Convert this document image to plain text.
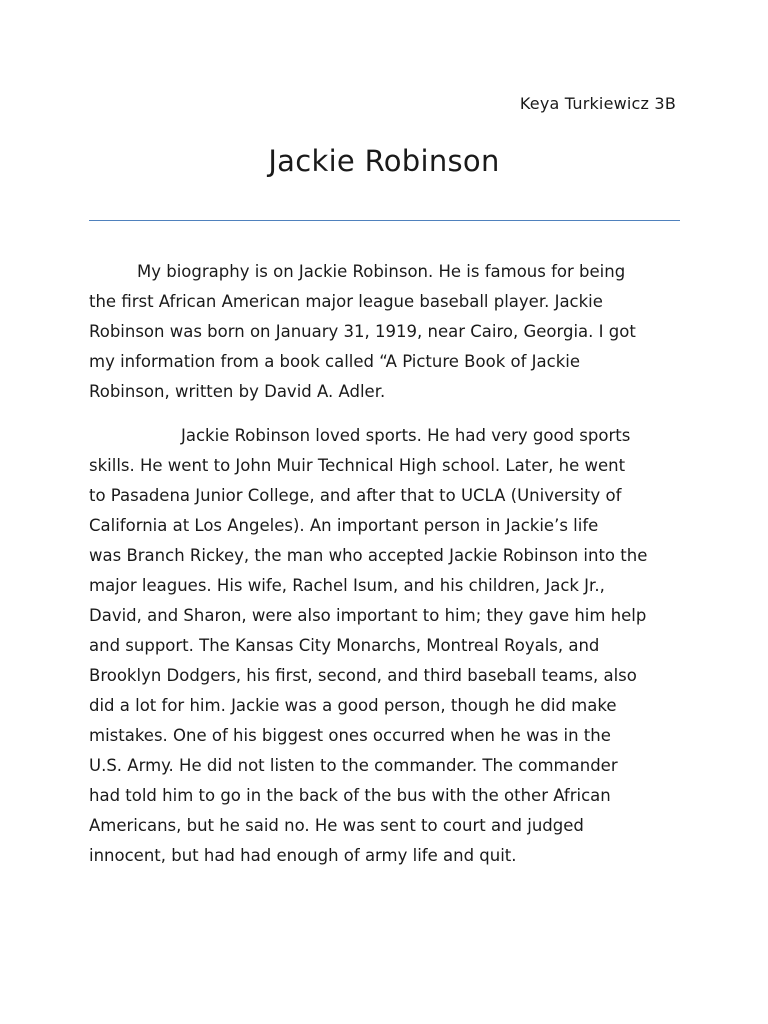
Keya Turkiewicz 3B
Jackie Robinson

My biography is on Jackie Robinson. He is famous for being
the first African American major league baseball player. Jackie
Robinson was born on January 31, 1919, near Cairo, Georgia. I got
my information from a book called “A Picture Book of Jackie
Robinson, written by David A. Adler.

Jackie Robinson loved sports. He had very good sports
skills. He went to John Muir Technical High school. Later, he went
to Pasadena Junior College, and after that to UCLA (University of
California at Los Angeles). An important person in Jackie’s life
was Branch Rickey, the man who accepted Jackie Robinson into the
major leagues. His wife, Rachel Isum, and his children, Jack Jr.,
David, and Sharon, were also important to him; they gave him help
and support. The Kansas City Monarchs, Montreal Royals, and
Brooklyn Dodgers, his first, second, and third baseball teams, also
did a lot for him. Jackie was a good person, though he did make
mistakes. One of his biggest ones occurred when he was in the
U.S. Army. He did not listen to the commander. The commander
had told him to go in the back of the bus with the other African
Americans, but he said no. He was sent to court and judged
innocent, but had had enough of army life and quit.
